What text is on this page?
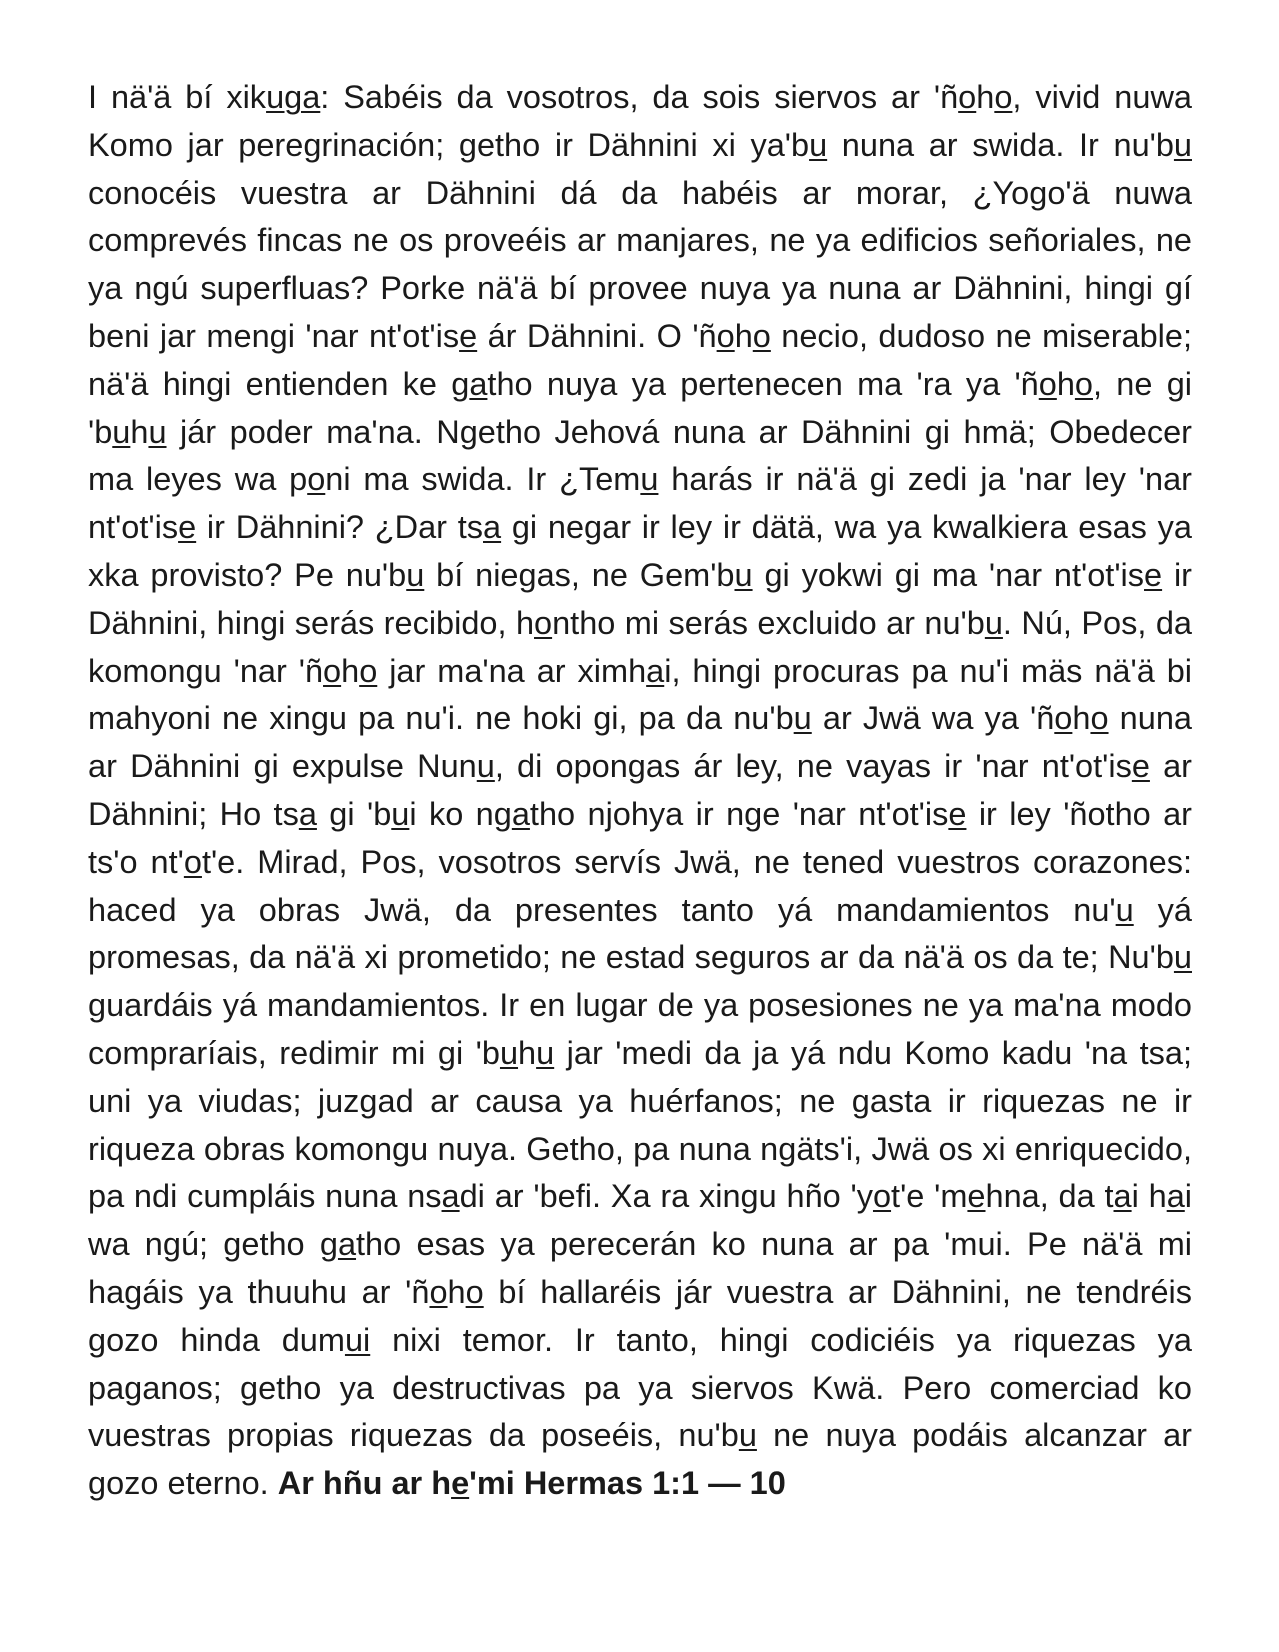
I nä'ä bí xikuga: Sabéis da vosotros, da sois siervos ar 'ñoho, vivid nuwa Komo jar peregrinación; getho ir Dähnini xi ya'bu nuna ar swida. Ir nu'bu conocéis vuestra ar Dähnini dá da habéis ar morar, ¿Yogo'ä nuwa comprevés fincas ne os proveéis ar manjares, ne ya edificios señoriales, ne ya ngú superfluas? Porke nä'ä bí provee nuya ya nuna ar Dähnini, hingi gí beni jar mengi 'nar nt'ot'ise ár Dähnini. O 'ñoho necio, dudoso ne miserable; nä'ä hingi entienden ke gatho nuya ya pertenecen ma 'ra ya 'ñoho, ne gi 'buhu jár poder ma'na. Ngetho Jehová nuna ar Dähnini gi hmä; Obedecer ma leyes wa poni ma swida. Ir ¿Temu harás ir nä'ä gi zedi ja 'nar ley 'nar nt'ot'ise ir Dähnini? ¿Dar tsa gi negar ir ley ir dätä, wa ya kwalkiera esas ya xka provisto? Pe nu'bu bí niegas, ne Gem'bu gi yokwi gi ma 'nar nt'ot'ise ir Dähnini, hingi serás recibido, hontho mi serás excluido ar nu'bu. Nú, Pos, da komongu 'nar 'ñoho jar ma'na ar ximhai, hingi procuras pa nu'i mäs nä'ä bi mahyoni ne xingu pa nu'i. ne hoki gi, pa da nu'bu ar Jwä wa ya 'ñoho nuna ar Dähnini gi expulse Nunu, di opongas ár ley, ne vayas ir 'nar nt'ot'ise ar Dähnini; Ho tsa gi 'bui ko ngatho njohya ir nge 'nar nt'ot'ise ir ley 'ñotho ar ts'o nt'ot'e. Mirad, Pos, vosotros servís Jwä, ne tened vuestros corazones: haced ya obras Jwä, da presentes tanto yá mandamientos nu'u yá promesas, da nä'ä xi prometido; ne estad seguros ar da nä'ä os da te; Nu'bu guardáis yá mandamientos. Ir en lugar de ya posesiones ne ya ma'na modo compraríais, redimir mi gi 'buhu jar 'medi da ja yá ndu Komo kadu 'na tsa; uni ya viudas; juzgad ar causa ya huérfanos; ne gasta ir riquezas ne ir riqueza obras komongu nuya. Getho, pa nuna ngäts'i, Jwä os xi enriquecido, pa ndi cumpláis nuna nsadi ar 'befi. Xa ra xingu hño 'yot'e 'mehna, da tai hai wa ngú; getho gatho esas ya perecerán ko nuna ar pa 'mui. Pe nä'ä mi hagáis ya thuuhu ar 'ñoho bí hallaréis jár vuestra ar Dähnini, ne tendréis gozo hinda dumui nixi temor. Ir tanto, hingi codiciéis ya riquezas ya paganos; getho ya destructivas pa ya siervos Kwä. Pero comerciad ko vuestras propias riquezas da poseéis, nu'bu ne nuya podáis alcanzar ar gozo eterno. Ar hñu ar he'mi Hermas 1:1 — 10
